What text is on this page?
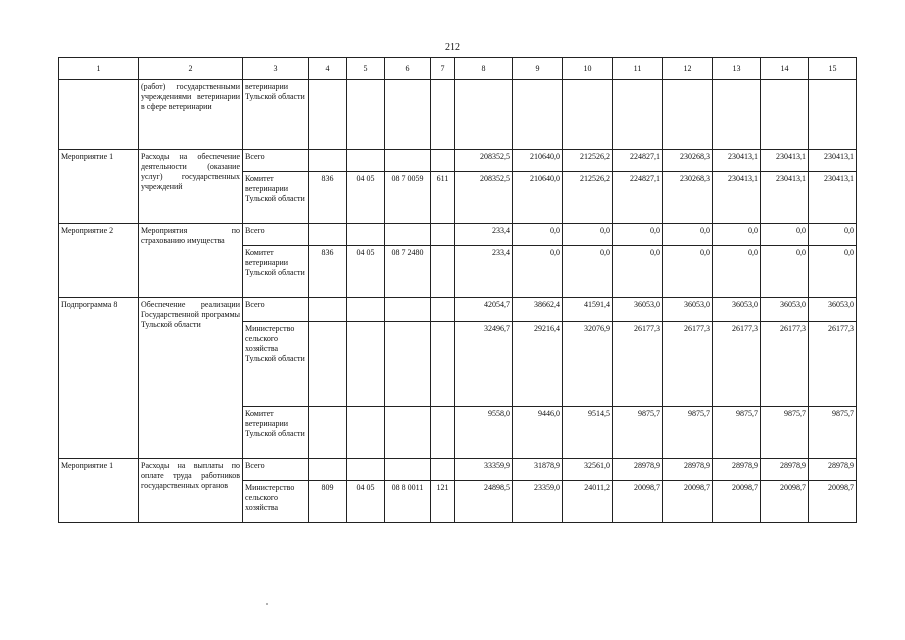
212
1	2	3	4	5	6	7	8	9	10	11	12	13	14	15
	(работ) государственными учреждениями ветеринарии в сфере ветеринарии	ветеринарии Тульской области												
Мероприятие 1	Расходы на обеспечение деятельности (оказание услуг) государственных учреждений	Всего					208352,5	210640,0	212526,2	224827,1	230268,3	230413,1	230413,1	230413,1
		Комитет ветеринарии Тульской области	836	04 05	08 7 0059	611	208352,5	210640,0	212526,2	224827,1	230268,3	230413,1	230413,1	230413,1
Мероприятие 2	Мероприятия по страхованию имущества	Всего					233,4	0,0	0,0	0,0	0,0	0,0	0,0	0,0
		Комитет ветеринарии Тульской области	836	04 05	08 7 2480		233,4	0,0	0,0	0,0	0,0	0,0	0,0	0,0
Подпрограмма 8	Обеспечение реализации Государственной программы Тульской области	Всего					42054,7	38662,4	41591,4	36053,0	36053,0	36053,0	36053,0	36053,0
		Министерство сельского хозяйства Тульской области					32496,7	29216,4	32076,9	26177,3	26177,3	26177,3	26177,3	26177,3
		Комитет ветеринарии Тульской области					9558,0	9446,0	9514,5	9875,7	9875,7	9875,7	9875,7	9875,7
Мероприятие 1	Расходы на выплаты по оплате труда работников государственных органов	Всего					33359,9	31878,9	32561,0	28978,9	28978,9	28978,9	28978,9	28978,9
		Министерство сельского хозяйства	809	04 05	08 8 0011	121	24898,5	23359,0	24011,2	20098,7	20098,7	20098,7	20098,7	20098,7
